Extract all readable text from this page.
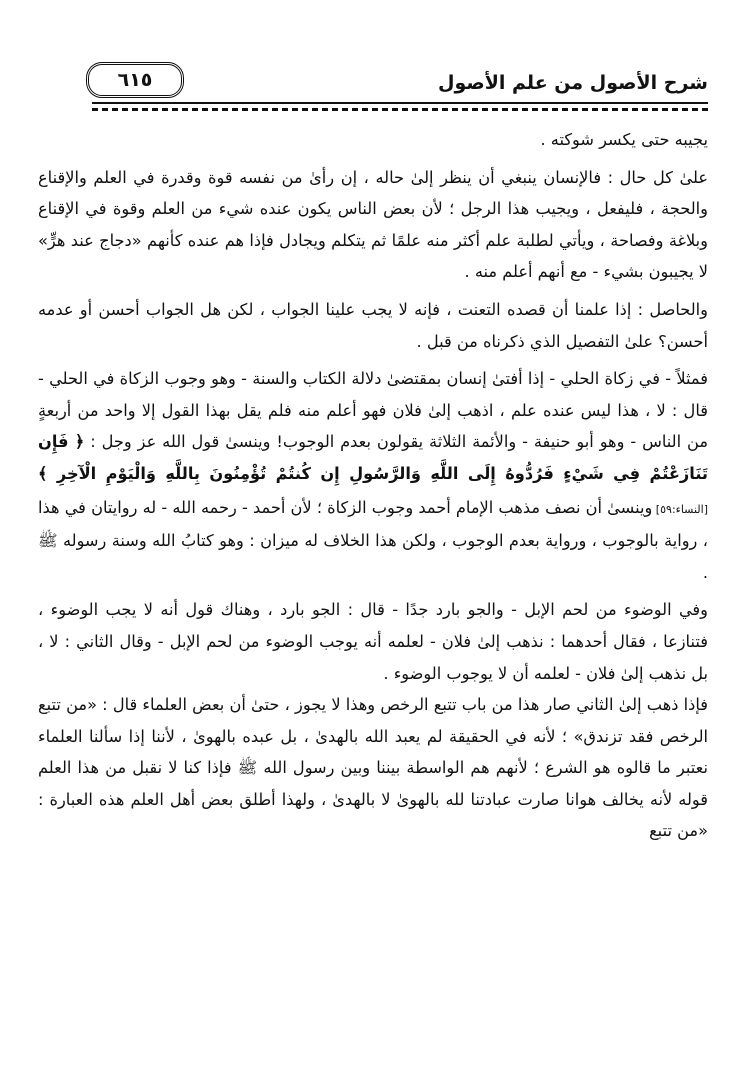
شرح الأصول من علم الأصول
٦١٥

يجيبه حتى يكسر شوكته .

علىٰ كل حال : فالإنسان ينبغي أن ينظر إلىٰ حاله ، إن رأىٰ من نفسه قوة وقدرة في العلم والإقناع والحجة ، فليفعل ، ويجيب هذا الرجل ؛ لأن بعض الناس يكون عنده شيء من العلم وقوة في الإقناع وبلاغة وفصاحة ، ويأتي لطلبة علم أكثر منه علمًا ثم يتكلم ويجادل فإذا هم عنده كأنهم «دجاج عند هرٍّ» لا يجيبون بشيء - مع أنهم أعلم منه .

والحاصل : إذا علمنا أن قصده التعنت ، فإنه لا يجب علينا الجواب ، لكن هل الجواب أحسن أو عدمه أحسن؟ علىٰ التفصيل الذي ذكرناه من قبل .

فمثلاً - في زكاة الحلي - إذا أفتىٰ إنسان بمقتضىٰ دلالة الكتاب والسنة - وهو وجوب الزكاة في الحلي - قال : لا ، هذا ليس عنده علم ، اذهب إلىٰ فلان فهو أعلم منه فلم يقل بهذا القول إلا واحد من أربعةٍ من الناس - وهو أبو حنيفة - والأئمة الثلاثة يقولون بعدم الوجوب! وينسىٰ قول الله عز وجل : ﴿ فَإِن تَنَازَعْتُمْ فِي شَيْءٍ فَرُدُّوهُ إِلَى اللَّهِ وَالرَّسُولِ إِن كُنتُمْ تُؤْمِنُونَ بِاللَّهِ وَالْيَوْمِ الْآخِرِ ﴾ [النساء:٥٩] وينسىٰ أن نصف مذهب الإمام أحمد وجوب الزكاة ؛ لأن أحمد - رحمه الله - له روايتان في هذا ، رواية بالوجوب ، ورواية بعدم الوجوب ، ولكن هذا الخلاف له ميزان : وهو كتابُ الله وسنة رسوله ﷺ .

وفي الوضوء من لحم الإبل - والجو بارد جدًا - قال : الجو بارد ، وهناك قول أنه لا يجب الوضوء ، فتنازعا ، فقال أحدهما : نذهب إلىٰ فلان - لعلمه أنه يوجب الوضوء من لحم الإبل - وقال الثاني : لا ، بل نذهب إلىٰ فلان - لعلمه أن لا يوجوب الوضوء .

فإذا ذهب إلىٰ الثاني صار هذا من باب تتبع الرخص وهذا لا يجوز ، حتىٰ أن بعض العلماء قال : «من تتبع الرخص فقد تزندق» ؛ لأنه في الحقيقة لم يعبد الله بالهدىٰ ، بل عبده بالهوىٰ ، لأننا إذا سألنا العلماء نعتبر ما قالوه هو الشرع ؛ لأنهم هم الواسطة بيننا وبين رسول الله ﷺ فإذا كنا لا نقبل من هذا العلم قوله لأنه يخالف هوانا صارت عبادتنا لله بالهوىٰ لا بالهدىٰ ، ولهذا أطلق بعض أهل العلم هذه العبارة : «من تتبع
